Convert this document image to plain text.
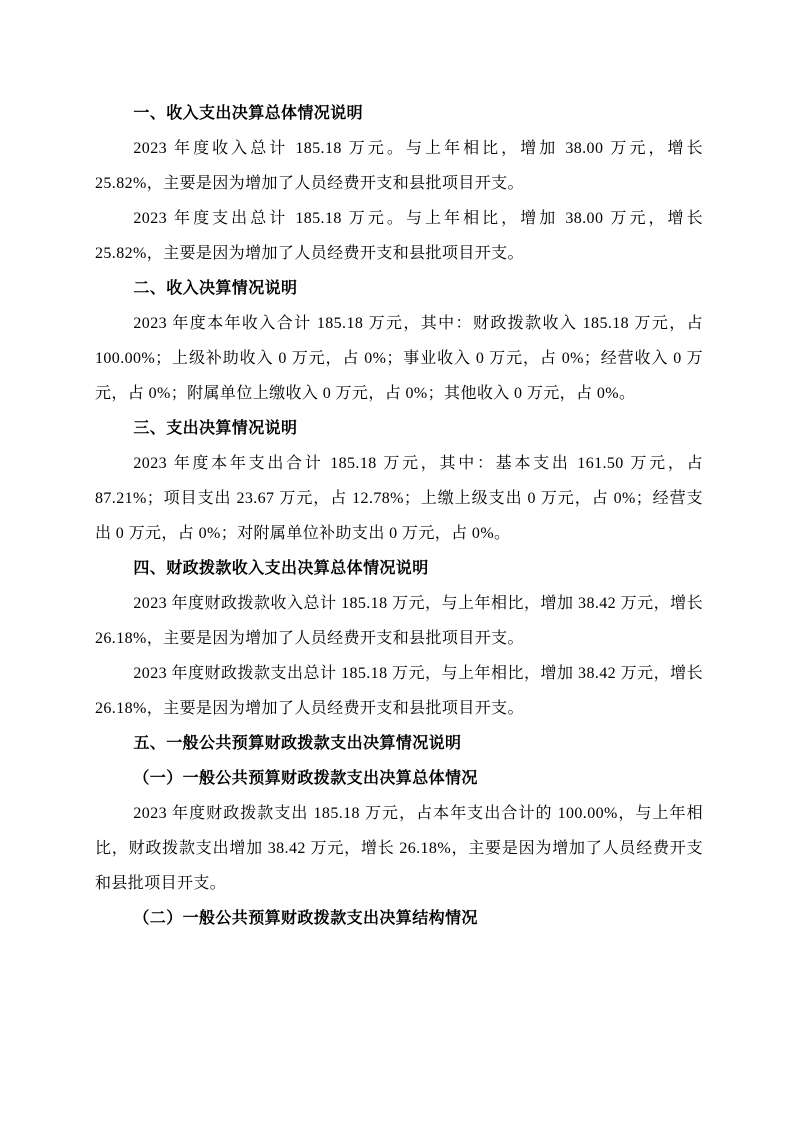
一、收入支出决算总体情况说明
2023 年度收入总计 185.18 万元。与上年相比，增加 38.00 万元，增长 25.82%，主要是因为增加了人员经费开支和县批项目开支。
2023 年度支出总计 185.18 万元。与上年相比，增加 38.00 万元，增长 25.82%，主要是因为增加了人员经费开支和县批项目开支。
二、收入决算情况说明
2023 年度本年收入合计 185.18 万元，其中：财政拨款收入 185.18 万元，占 100.00%；上级补助收入 0 万元，占 0%；事业收入 0 万元，占 0%；经营收入 0 万元，占 0%；附属单位上缴收入 0 万元，占 0%；其他收入 0 万元，占 0%。
三、支出决算情况说明
2023 年度本年支出合计 185.18 万元，其中：基本支出 161.50 万元，占 87.21%；项目支出 23.67 万元，占 12.78%；上缴上级支出 0 万元，占 0%；经营支出 0 万元，占 0%；对附属单位补助支出 0 万元，占 0%。
四、财政拨款收入支出决算总体情况说明
2023 年度财政拨款收入总计 185.18 万元，与上年相比，增加 38.42 万元，增长 26.18%，主要是因为增加了人员经费开支和县批项目开支。
2023 年度财政拨款支出总计 185.18 万元，与上年相比，增加 38.42 万元，增长 26.18%，主要是因为增加了人员经费开支和县批项目开支。
五、一般公共预算财政拨款支出决算情况说明
（一）一般公共预算财政拨款支出决算总体情况
2023 年度财政拨款支出 185.18 万元，占本年支出合计的 100.00%，与上年相比，财政拨款支出增加 38.42 万元，增长 26.18%，主要是因为增加了人员经费开支和县批项目开支。
（二）一般公共预算财政拨款支出决算结构情况
